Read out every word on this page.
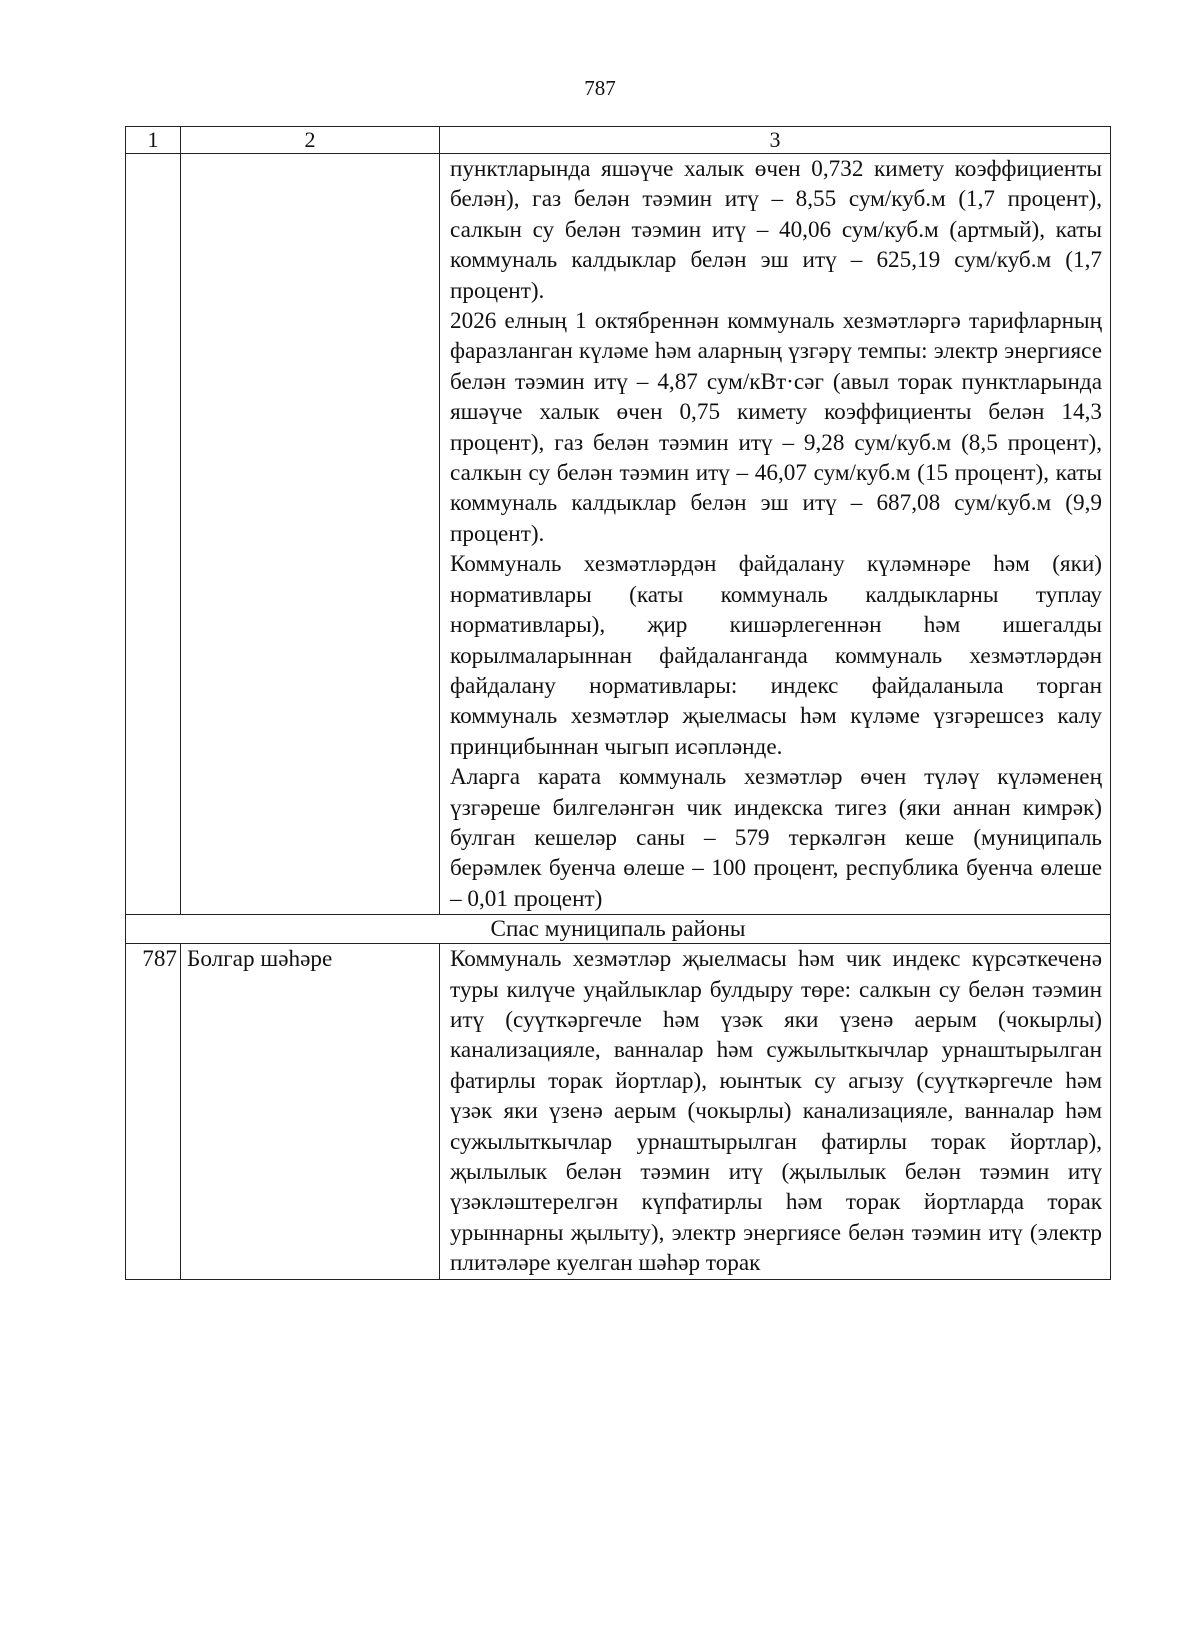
787
1	2	3

		пунктларында яшәүче халык өчен 0,732 кимету коэффициенты белән), газ белән тәэмин итү – 8,55 сум/куб.м (1,7 процент), салкын су белән тәэмин итү – 40,06 сум/куб.м (артмый), каты коммуналь калдыклар белән эш итү – 625,19 сум/куб.м (1,7 процент).

2026 елның 1 октябреннән коммуналь хезмәтләргә тарифларның фаразланган күләме һәм аларның үзгәрү темпы: электр энергиясе белән тәэмин итү – 4,87 сум/кВт·сәг (авыл торак пунктларында яшәүче халык өчен 0,75 кимету коэффициенты белән 14,3 процент), газ белән тәэмин итү – 9,28 сум/куб.м (8,5 процент), салкын су белән тәэмин итү – 46,07 сум/куб.м (15 процент), каты коммуналь калдыклар белән эш итү – 687,08 сум/куб.м (9,9 процент).

Коммуналь хезмәтләрдән файдалану күләмнәре һәм (яки) нормативлары (каты коммуналь калдыкларны туплау нормативлары), җир кишәрлегеннән һәм ишегалды корылмаларыннан файдаланганда коммуналь хезмәтләрдән файдалану нормативлары: индекс файдаланыла торган коммуналь хезмәтләр җыелмасы һәм күләме үзгәрешсез калу принцибыннан чыгып исәпләнде.

Аларга карата коммуналь хезмәтләр өчен түләү күләменең үзгәреше билгеләнгән чик индекска тигез (яки аннан кимрәк) булган кешеләр саны – 579 теркәлгән кеше (муниципаль берәмлек буенча өлеше – 100 процент, республика буенча өлеше – 0,01 процент)

Спас муниципаль районы		
787	Болгар шәһәре	Коммуналь хезмәтләр җыелмасы һәм чик индекс күрсәткеченә туры килүче уңайлыклар булдыру төре: салкын су белән тәэмин итү (суүткәргечле һәм үзәк яки үзенә аерым (чокырлы) канализацияле, ванналар һәм сужылыткычлар урнаштырылган фатирлы торак йортлар), юынтык су агызу (суүткәргечле һәм үзәк яки үзенә аерым (чокырлы) канализацияле, ванналар һәм сужылыткычлар урнаштырылган фатирлы торак йортлар), җылылык белән тәэмин итү (җылылык белән тәэмин итү үзәкләштерелгән күпфатирлы һәм торак йортларда торак урыннарны җылыту), электр энергиясе белән тәэмин итү (электр плитәләре куелган шәһәр торак
